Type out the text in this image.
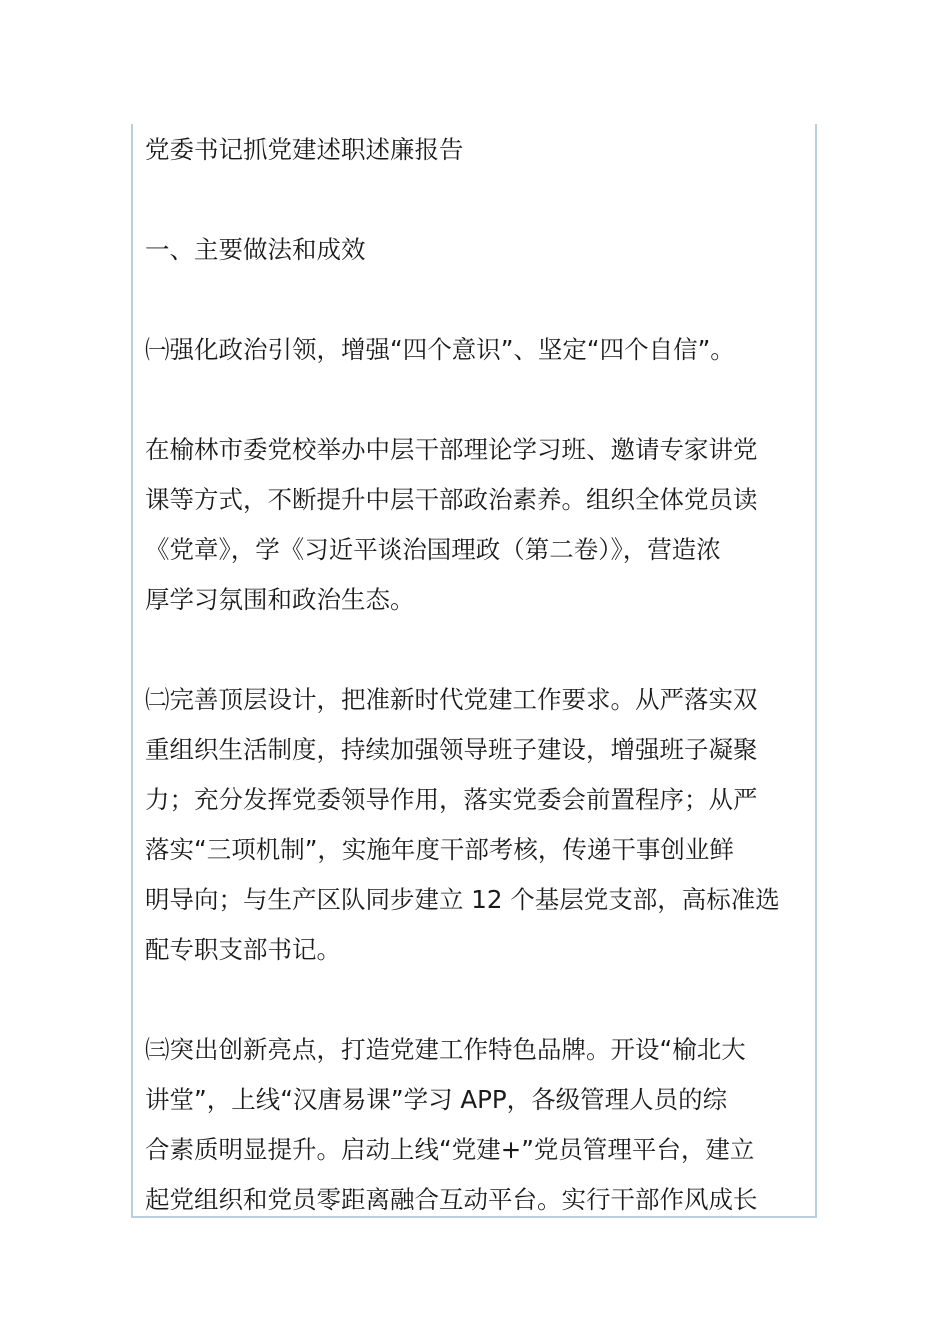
党委书记抓党建述职述廉报告
一、主要做法和成效
㈠强化政治引领，增强“四个意识”、坚定“四个自信”。
在榆林市委党校举办中层干部理论学习班、邀请专家讲党
课等方式，不断提升中层干部政治素养。组织全体党员读
《党章》，学《习近平谈治国理政（第二卷）》，营造浓
厚学习氛围和政治生态。
㈡完善顶层设计，把准新时代党建工作要求。从严落实双
重组织生活制度，持续加强领导班子建设，增强班子凝聚
力；充分发挥党委领导作用，落实党委会前置程序；从严
落实“三项机制”，实施年度干部考核，传递干事创业鲜
明导向；与生产区队同步建立 12 个基层党支部，高标准选
配专职支部书记。
㈢突出创新亮点，打造党建工作特色品牌。开设“榆北大
讲堂”，上线“汉唐易课”学习 APP，各级管理人员的综
合素质明显提升。启动上线“党建+”党员管理平台，建立
起党组织和党员零距离融合互动平台。实行干部作风成长
